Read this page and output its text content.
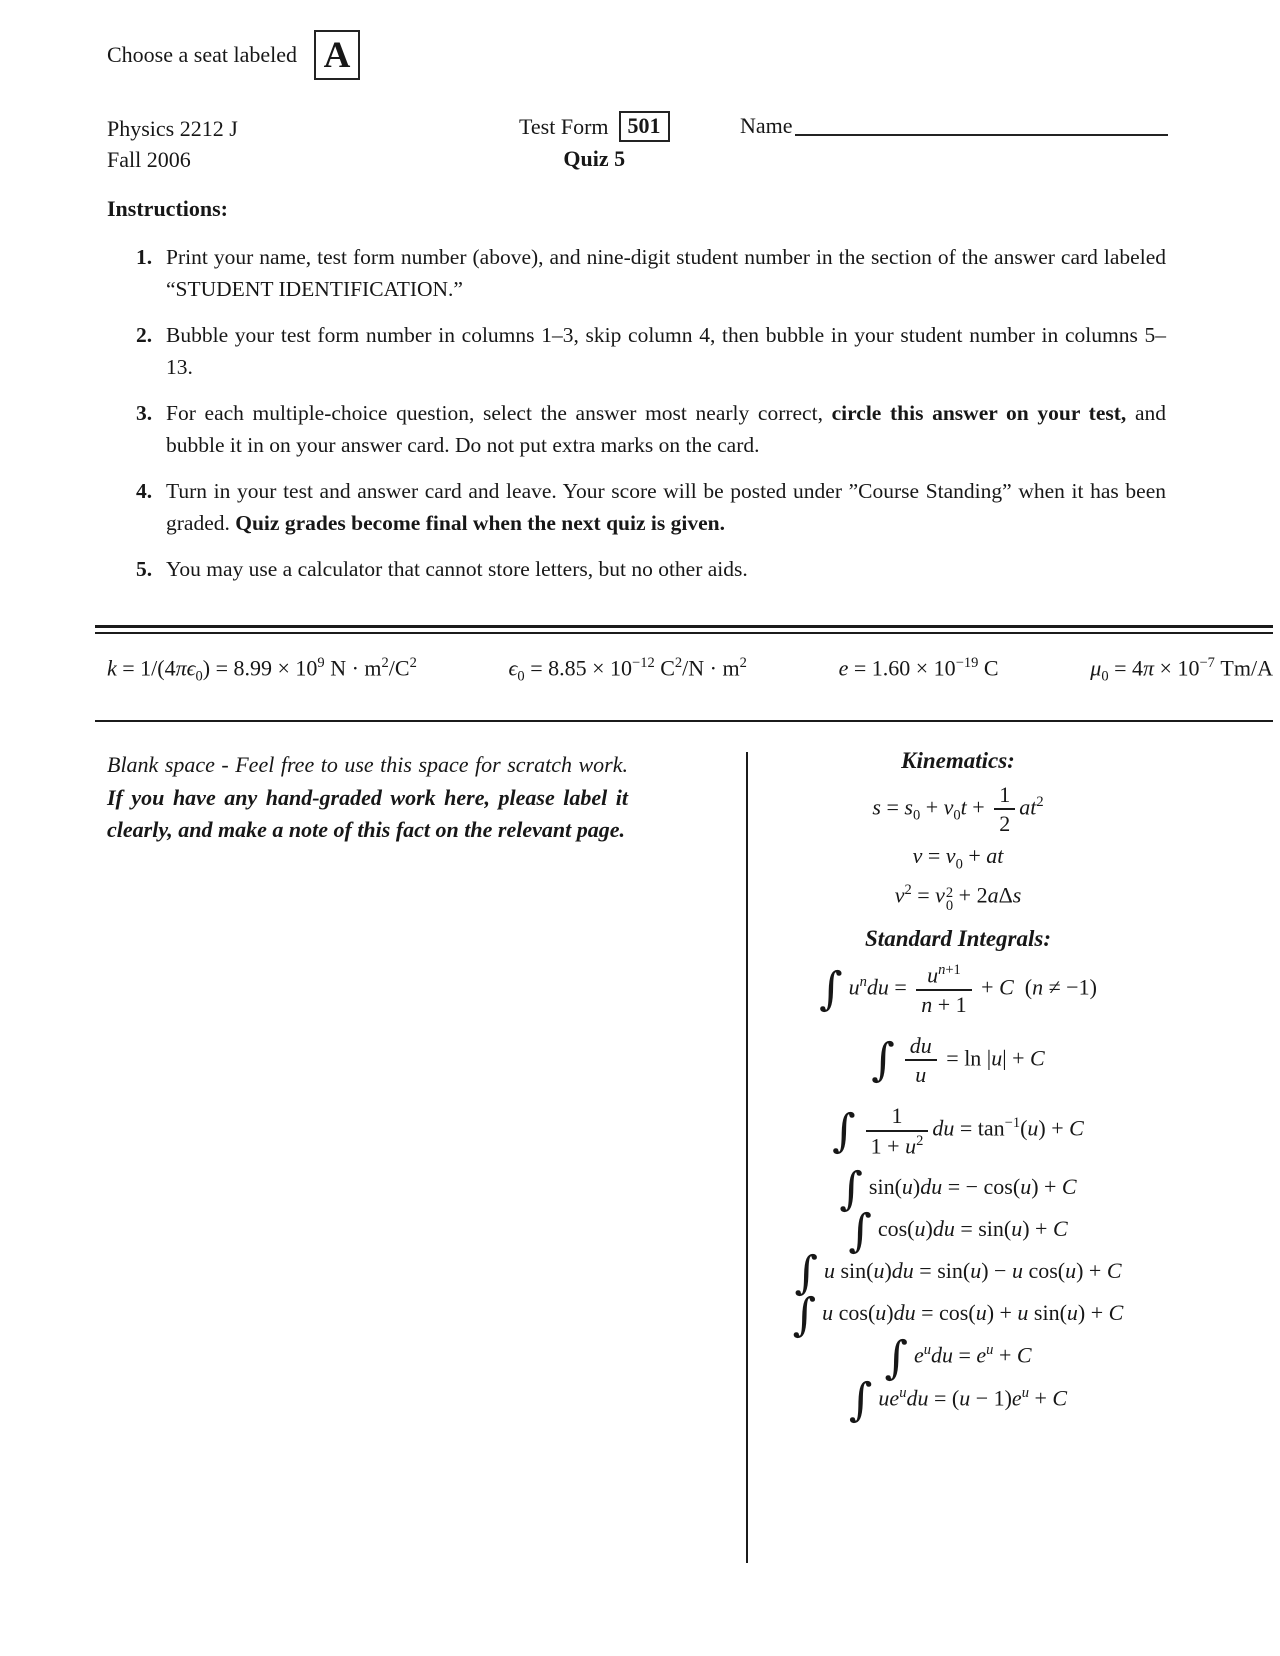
Choose a seat labeled A
Physics 2212 J
Fall 2006
Test Form 501
Quiz 5
Name
Instructions:
1. Print your name, test form number (above), and nine-digit student number in the section of the answer card labeled “STUDENT IDENTIFICATION.”
2. Bubble your test form number in columns 1–3, skip column 4, then bubble in your student number in columns 5–13.
3. For each multiple-choice question, select the answer most nearly correct, circle this answer on your test, and bubble it in on your answer card. Do not put extra marks on the card.
4. Turn in your test and answer card and leave. Your score will be posted under ”Course Standing” when it has been graded. Quiz grades become final when the next quiz is given.
5. You may use a calculator that cannot store letters, but no other aids.
$k = 1/(4\pi\epsilon_0) = 8.99 \times 10^9$ $N \cdot m^2/C^2$	$\epsilon_0 = 8.85 \times 10^{-12}$ $C^2/N \cdot m^2$	$e = 1.60 \times 10^{-19}$ C	$\mu_0 = 4\pi \times 10^{-7}$ Tm/A
Blank space - Feel free to use this space for scratch work. If you have any hand-graded work here, please label it clearly, and make a note of this fact on the relevant page.
Kinematics:
$s = s_0 + v_0t + \frac{1}{2} at^2$
$v = v_0$ + at
$v^2 = v$ 2
0 + 2aΔs
Standard Integrals:
∫ $u^ndu = \frac{u^{n+1}}{n + 1} + C$ (n ≠ −1)
∫ $\frac{du}{u} = \ln |u| + C$
∫ $\frac{1}{1 + u^2}$ du = $\tan^{-1}(u) + C$
∫ sin(u)du = − cos(u) + C
∫ cos(u)du = sin(u) + C
∫ u sin(u)du = sin(u) − u cos(u) + C
∫ u cos(u)du = cos(u) + u sin(u) + C
∫ $e^udu = e^u + C$
∫ $ue^udu = (u - 1)e^u + C$
